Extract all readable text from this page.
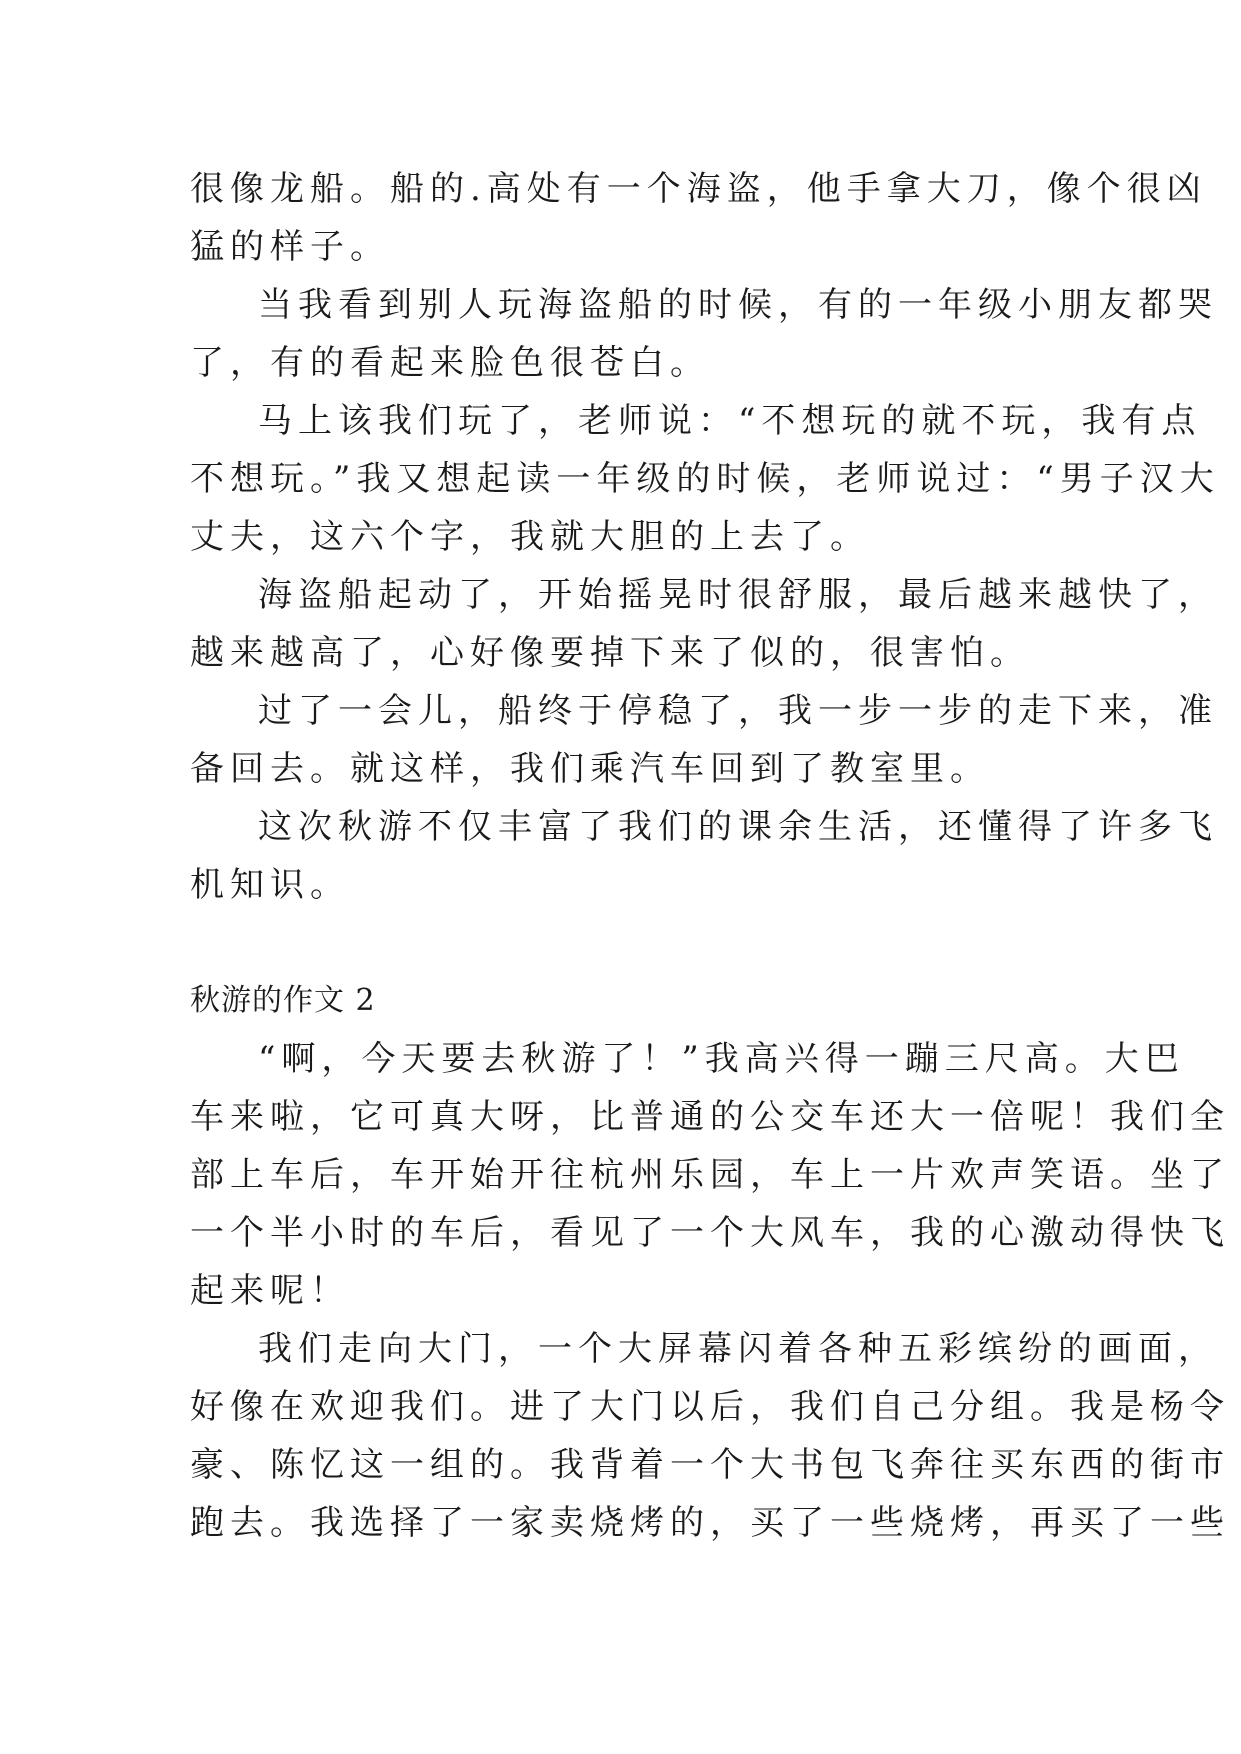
很像龙船。船的.高处有一个海盗，他手拿大刀，像个很凶
猛的样子。
当我看到别人玩海盗船的时候，有的一年级小朋友都哭
了，有的看起来脸色很苍白。
马上该我们玩了，老师说：“不想玩的就不玩，我有点
不想玩。”我又想起读一年级的时候，老师说过：“男子汉大
丈夫，这六个字，我就大胆的上去了。
海盗船起动了，开始摇晃时很舒服，最后越来越快了，
越来越高了，心好像要掉下来了似的，很害怕。
过了一会儿，船终于停稳了，我一步一步的走下来，准
备回去。就这样，我们乘汽车回到了教室里。
这次秋游不仅丰富了我们的课余生活，还懂得了许多飞
机知识。
秋游的作文 2
“啊，今天要去秋游了！”我高兴得一蹦三尺高。大巴
车来啦，它可真大呀，比普通的公交车还大一倍呢！我们全
部上车后，车开始开往杭州乐园，车上一片欢声笑语。坐了
一个半小时的车后，看见了一个大风车，我的心激动得快飞
起来呢！
我们走向大门，一个大屏幕闪着各种五彩缤纷的画面，
好像在欢迎我们。进了大门以后，我们自己分组。我是杨令
豪、陈忆这一组的。我背着一个大书包飞奔往买东西的街市
跑去。我选择了一家卖烧烤的，买了一些烧烤，再买了一些
